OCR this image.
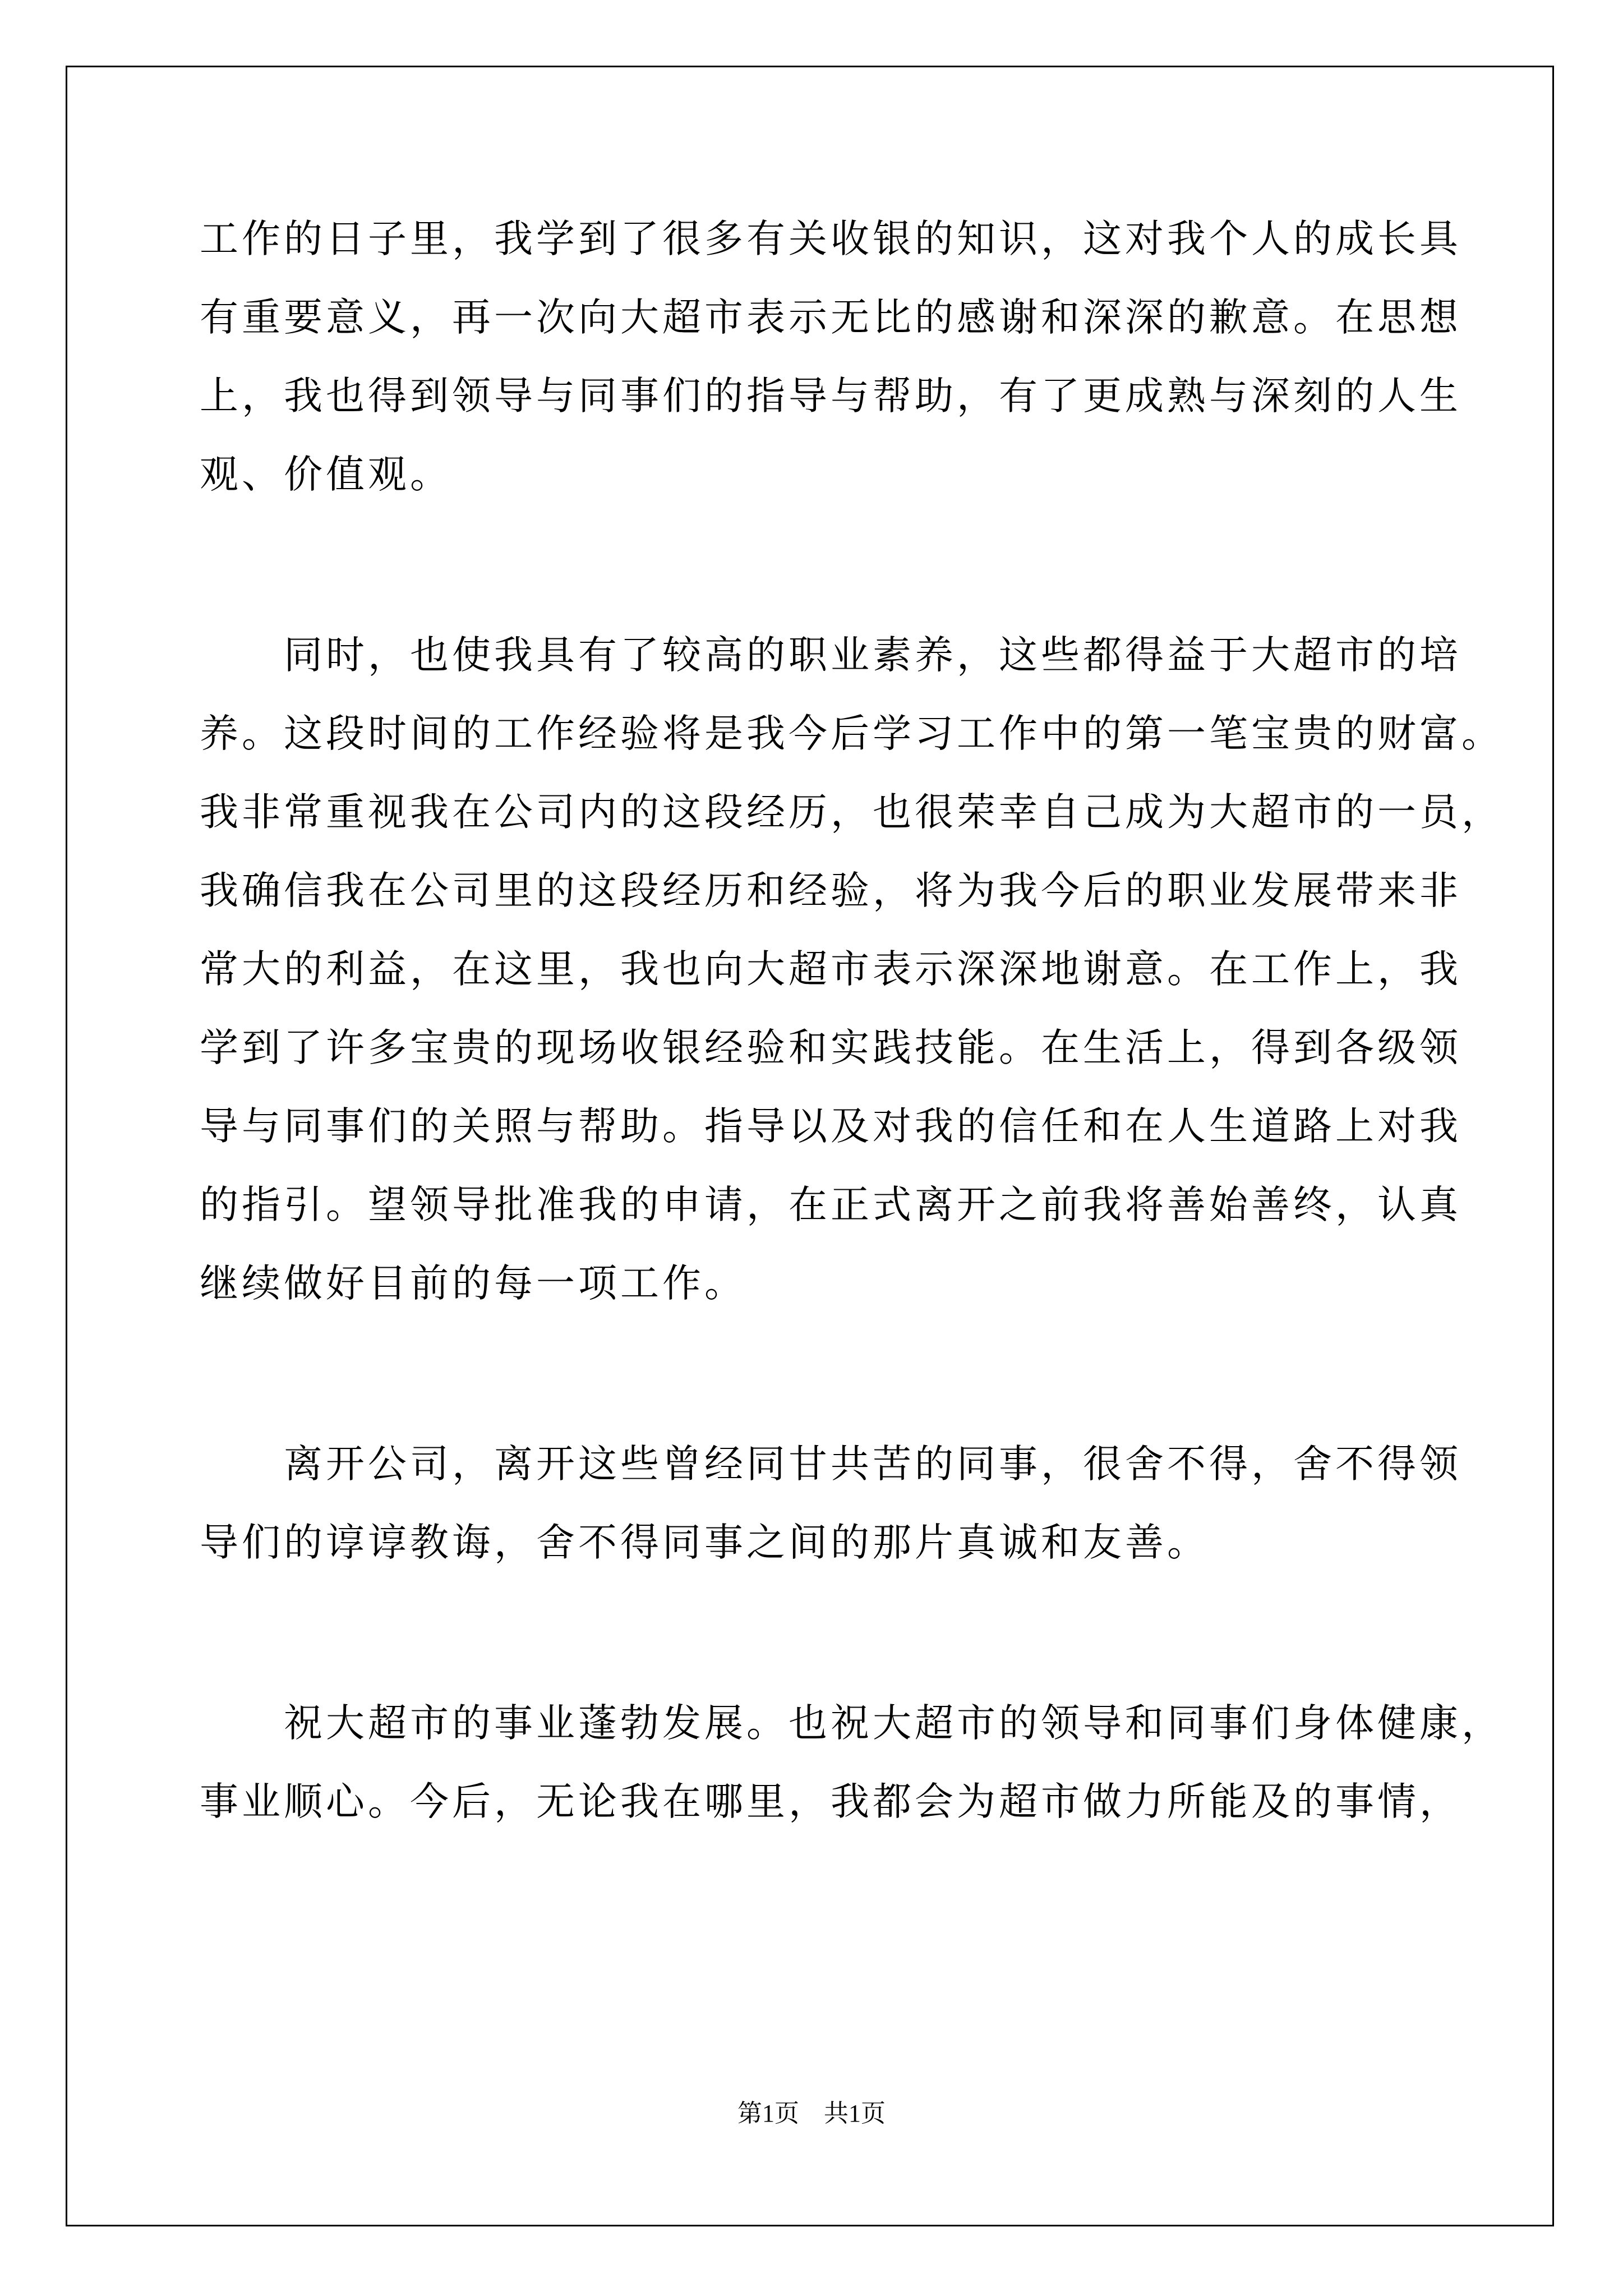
工作的日子里，我学到了很多有关收银的知识，这对我个人的成长具
有重要意义，再一次向大超市表示无比的感谢和深深的歉意。在思想
上，我也得到领导与同事们的指导与帮助，有了更成熟与深刻的人生
观、价值观。
　　同时，也使我具有了较高的职业素养，这些都得益于大超市的培
养。这段时间的工作经验将是我今后学习工作中的第一笔宝贵的财富。
我非常重视我在公司内的这段经历，也很荣幸自己成为大超市的一员，
我确信我在公司里的这段经历和经验，将为我今后的职业发展带来非
常大的利益，在这里，我也向大超市表示深深地谢意。在工作上，我
学到了许多宝贵的现场收银经验和实践技能。在生活上，得到各级领
导与同事们的关照与帮助。指导以及对我的信任和在人生道路上对我
的指引。望领导批准我的申请，在正式离开之前我将善始善终，认真
继续做好目前的每一项工作。
　　离开公司，离开这些曾经同甘共苦的同事，很舍不得，舍不得领
导们的谆谆教诲，舍不得同事之间的那片真诚和友善。
　　祝大超市的事业蓬勃发展。也祝大超市的领导和同事们身体健康，
事业顺心。今后，无论我在哪里，我都会为超市做力所能及的事情，
第1页　共1页
